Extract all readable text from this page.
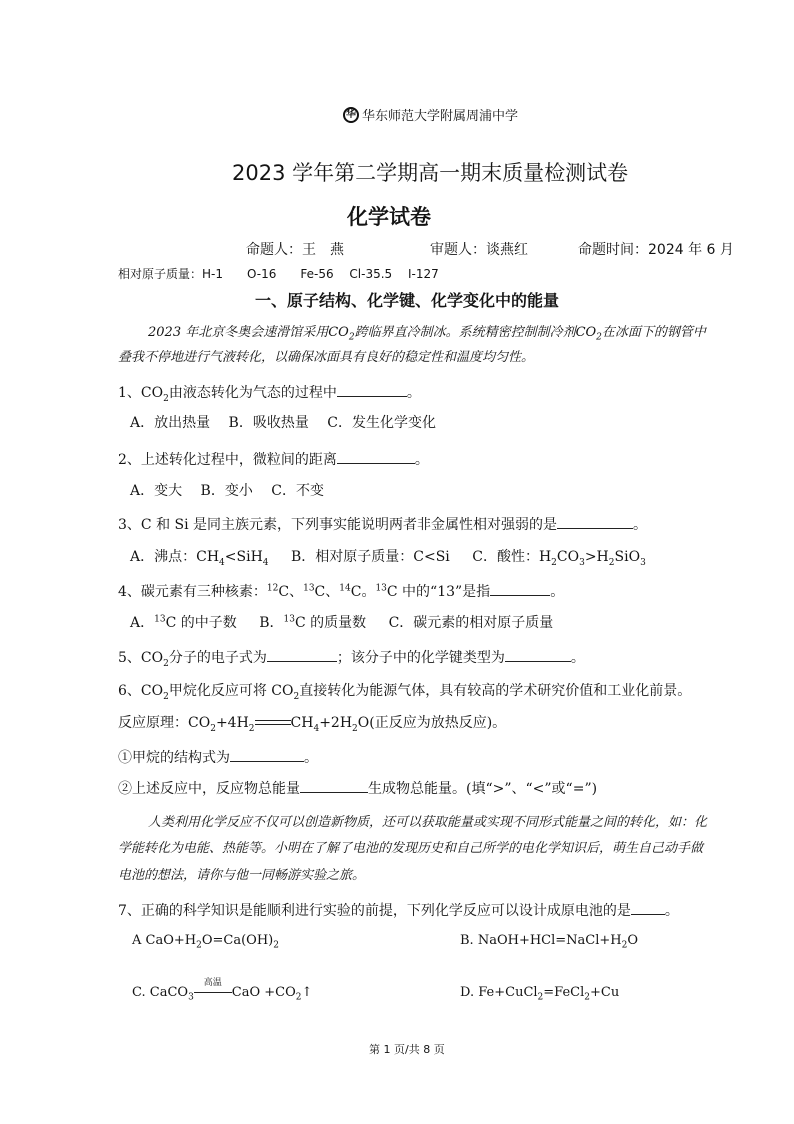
华 华东师范大学附属周浦中学
2023 学年第二学期高一期末质量检测试卷
化学试卷
命题人：王　燕	审题人：谈燕红	命题时间：2024 年 6 月
相对原子质量：H-1　　O-16　　Fe-56　 Cl-35.5　 I-127
一、原子结构、化学键、化学变化中的能量
2023 年北京冬奥会速滑馆采用$CO_2$跨临界直冷制冰。系统精密控制制冷剂$CO_2$在冰面下的钢管中
叠我不停地进行气液转化，以确保冰面具有良好的稳定性和温度均匀性。
1、$CO_2$由液态转化为气态的过程中	。
A．放出热量　 B．吸收热量　 C．发生化学变化
2、上述转化过程中，微粒间的距离	。
A．变大　 B．变小　 C．不变
3、C 和 Si 是同主族元素，下列事实能说明两者非金属性相对强弱的是	。
A．沸点：$CH_4<SiH_4$ B．相对原子质量：C<Si C．酸性：$H_2CO_3>H_2SiO_3$
4、碳元素有三种核素：$^{12}$C、$^{13}$C、$^{14}$C。$^{13}$C 中的“13”是指	。
A．$^{13}$C 的中子数 B．$^{13}$C 的质量数 C．碳元素的相对原子质量
5、$CO_2$分子的电子式为	；该分子中的化学键类型为	。
6、$CO_2$甲烷化反应可将 $CO_2$直接转化为能源气体，具有较高的学术研究价值和工业化前景。
反应原理：$CO_2+4H_2$	$CH_4+2H_2O$(正反应为放热反应)。
①甲烷的结构式为	。
②上述反应中，反应物总能量	生成物总能量。(填“>”、“<”或“=”)
人类利用化学反应不仅可以创造新物质，还可以获取能量或实现不同形式能量之间的转化，如：化
学能转化为电能、热能等。小明在了解了电池的发现历史和自己所学的电化学知识后，萌生自己动手做
电池的想法，请你与他一同畅游实验之旅。
7、正确的科学知识是能顺利进行实验的前提，下列化学反应可以设计成原电池的是 。
A $CaO+H_2O=Ca(OH)_2$	B. $NaOH+HCl=NaCl+H_2O$
C. CaCO$_3$
高温
CaO $+CO_2↑$	D. Fe+CuCl$_2$=FeCl$_2$+Cu
第 1 页/共 8 页
